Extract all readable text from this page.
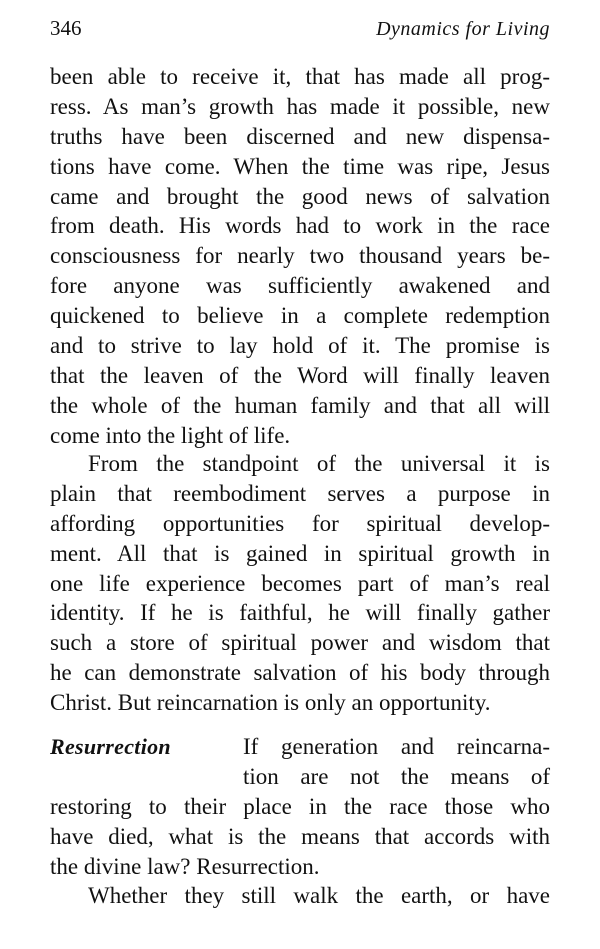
346	Dynamics for Living
been able to receive it, that has made all prog-
ress. As man’s growth has made it possible, new
truths have been discerned and new dispensa-
tions have come. When the time was ripe, Jesus
came and brought the good news of salvation
from death. His words had to work in the race
consciousness for nearly two thousand years be-
fore anyone was sufficiently awakened and
quickened to believe in a complete redemption
and to strive to lay hold of it. The promise is
that the leaven of the Word will finally leaven
the whole of the human family and that all will
come into the light of life.
From the standpoint of the universal it is
plain that reembodiment serves a purpose in
affording opportunities for spiritual develop-
ment. All that is gained in spiritual growth in
one life experience becomes part of man’s real
identity. If he is faithful, he will finally gather
such a store of spiritual power and wisdom that
he can demonstrate salvation of his body through
Christ. But reincarnation is only an opportunity.
Resurrection	If generation and reincarna-
tion are not the means of
restoring to their place in the race those who
have died, what is the means that accords with
the divine law? Resurrection.
Whether they still walk the earth, or have
